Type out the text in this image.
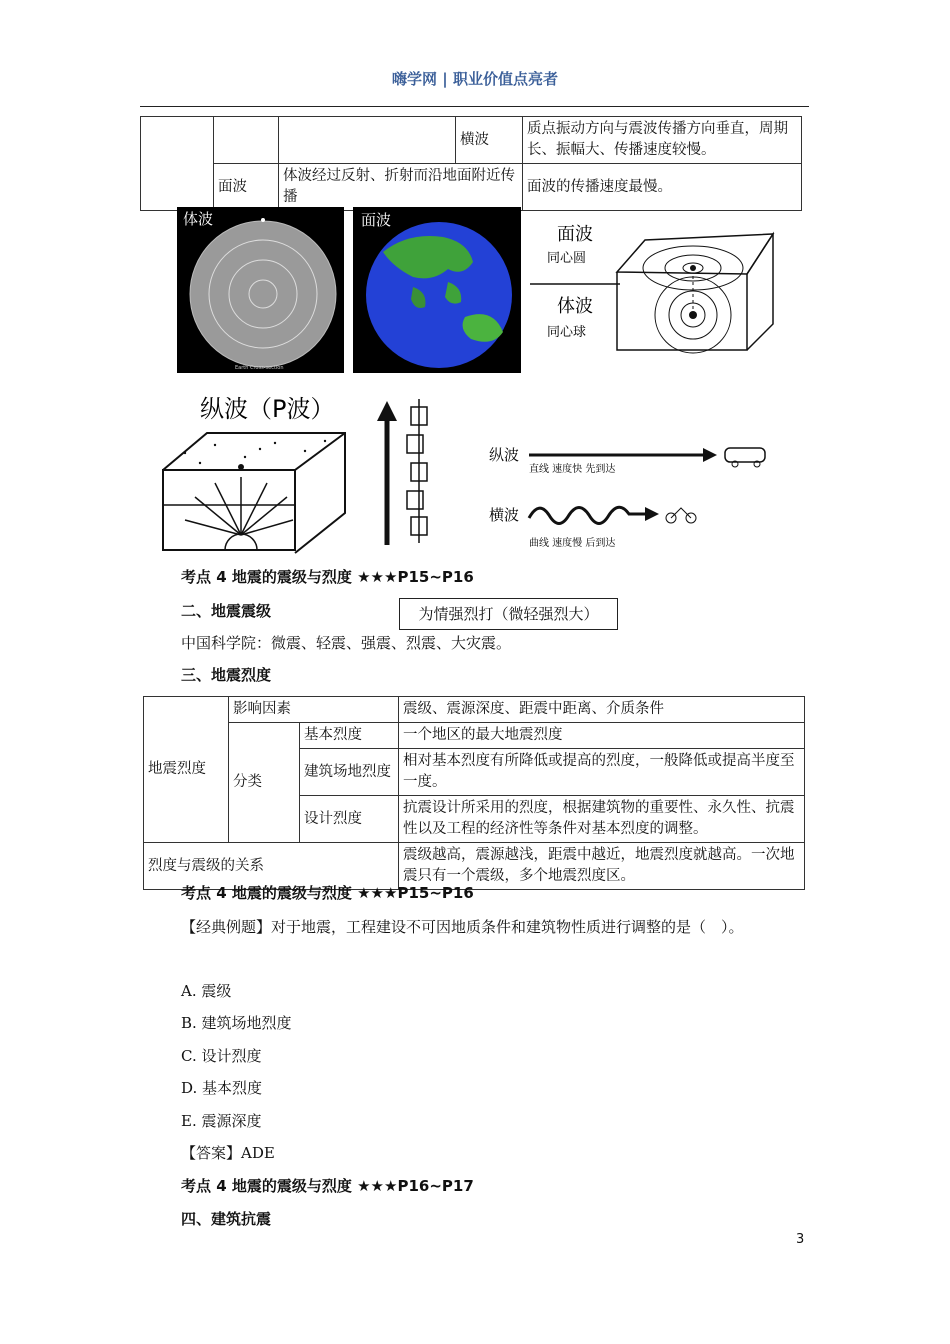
嗨学网 | 职业价值点亮者
			横波	质点振动方向与震波传播方向垂直，周期长、振幅大、传播速度较慢。
	面波	体波经过反射、折射而沿地面附近传播		面波的传播速度最慢。
体波
Earth Cross-section
面波
面波
同心圆
体波
同心球
纵波（P波）
纵波
直线 速度快 先到达
横波
曲线 速度慢 后到达
考点 4 地震的震级与烈度 ★★★P15~P16
二、地震震级	为情强烈打（微轻强烈大）
中国科学院：微震、轻震、强震、烈震、大灾震。
三、地震烈度
地震烈度	影响因素		震级、震源深度、距震中距离、介质条件
	分类	基本烈度	一个地区的最大地震烈度
		建筑场地烈度	相对基本烈度有所降低或提高的烈度，一般降低或提高半度至一度。
		设计烈度	抗震设计所采用的烈度，根据建筑物的重要性、永久性、抗震性以及工程的经济性等条件对基本烈度的调整。
烈度与震级的关系			震级越高，震源越浅，距震中越近，地震烈度就越高。一次地震只有一个震级，多个地震烈度区。
考点 4 地震的震级与烈度 ★★★P15~P16
【经典例题】对于地震，工程建设不可因地质条件和建筑物性质进行调整的是（　）。
A. 震级
B. 建筑场地烈度
C. 设计烈度
D. 基本烈度
E. 震源深度
【答案】ADE
考点 4 地震的震级与烈度 ★★★P16~P17
四、建筑抗震
3
